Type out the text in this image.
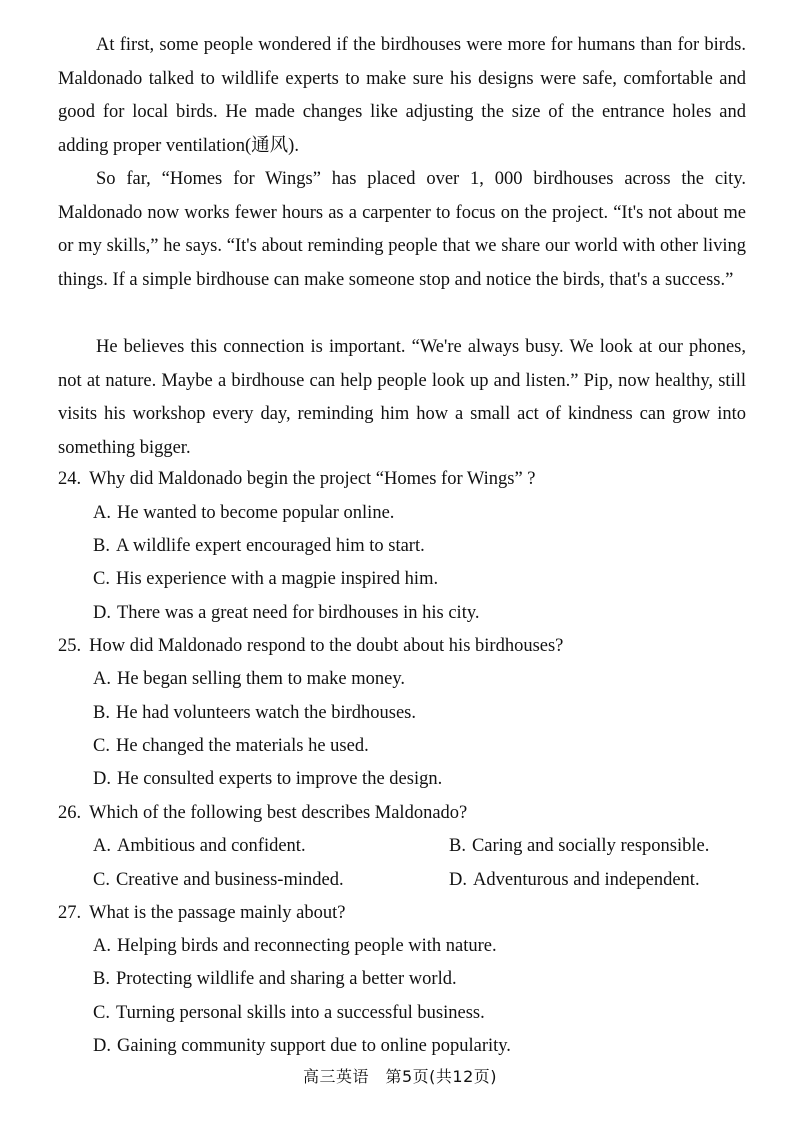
At first, some people wondered if the birdhouses were more for humans than for birds. Maldonado talked to wildlife experts to make sure his designs were safe, comfortable and good for local birds. He made changes like adjusting the size of the entrance holes and adding proper ventilation(通风).

So far, “Homes for Wings” has placed over 1, 000 birdhouses across the city. Maldonado now works fewer hours as a carpenter to focus on the project. “It's not about me or my skills,” he says. “It's about reminding people that we share our world with other living things. If a simple birdhouse can make someone stop and notice the birds, that's a success.”

He believes this connection is important. “We're always busy. We look at our phones, not at nature. Maybe a birdhouse can help people look up and listen.” Pip, now healthy, still visits his workshop every day, reminding him how a small act of kindness can grow into something bigger.

24. Why did Maldonado begin the project “Homes for Wings” ?
A. He wanted to become popular online.
B. A wildlife expert encouraged him to start.
C. His experience with a magpie inspired him.
D. There was a great need for birdhouses in his city.
25. How did Maldonado respond to the doubt about his birdhouses?
A. He began selling them to make money.
B. He had volunteers watch the birdhouses.
C. He changed the materials he used.
D. He consulted experts to improve the design.
26. Which of the following best describes Maldonado?
A. Ambitious and confident.	B. Caring and socially responsible.
C. Creative and business-minded.	D. Adventurous and independent.
27. What is the passage mainly about?
A. Helping birds and reconnecting people with nature.
B. Protecting wildlife and sharing a better world.
C. Turning personal skills into a successful business.
D. Gaining community support due to online popularity.
高三英语　第5页(共12页)
